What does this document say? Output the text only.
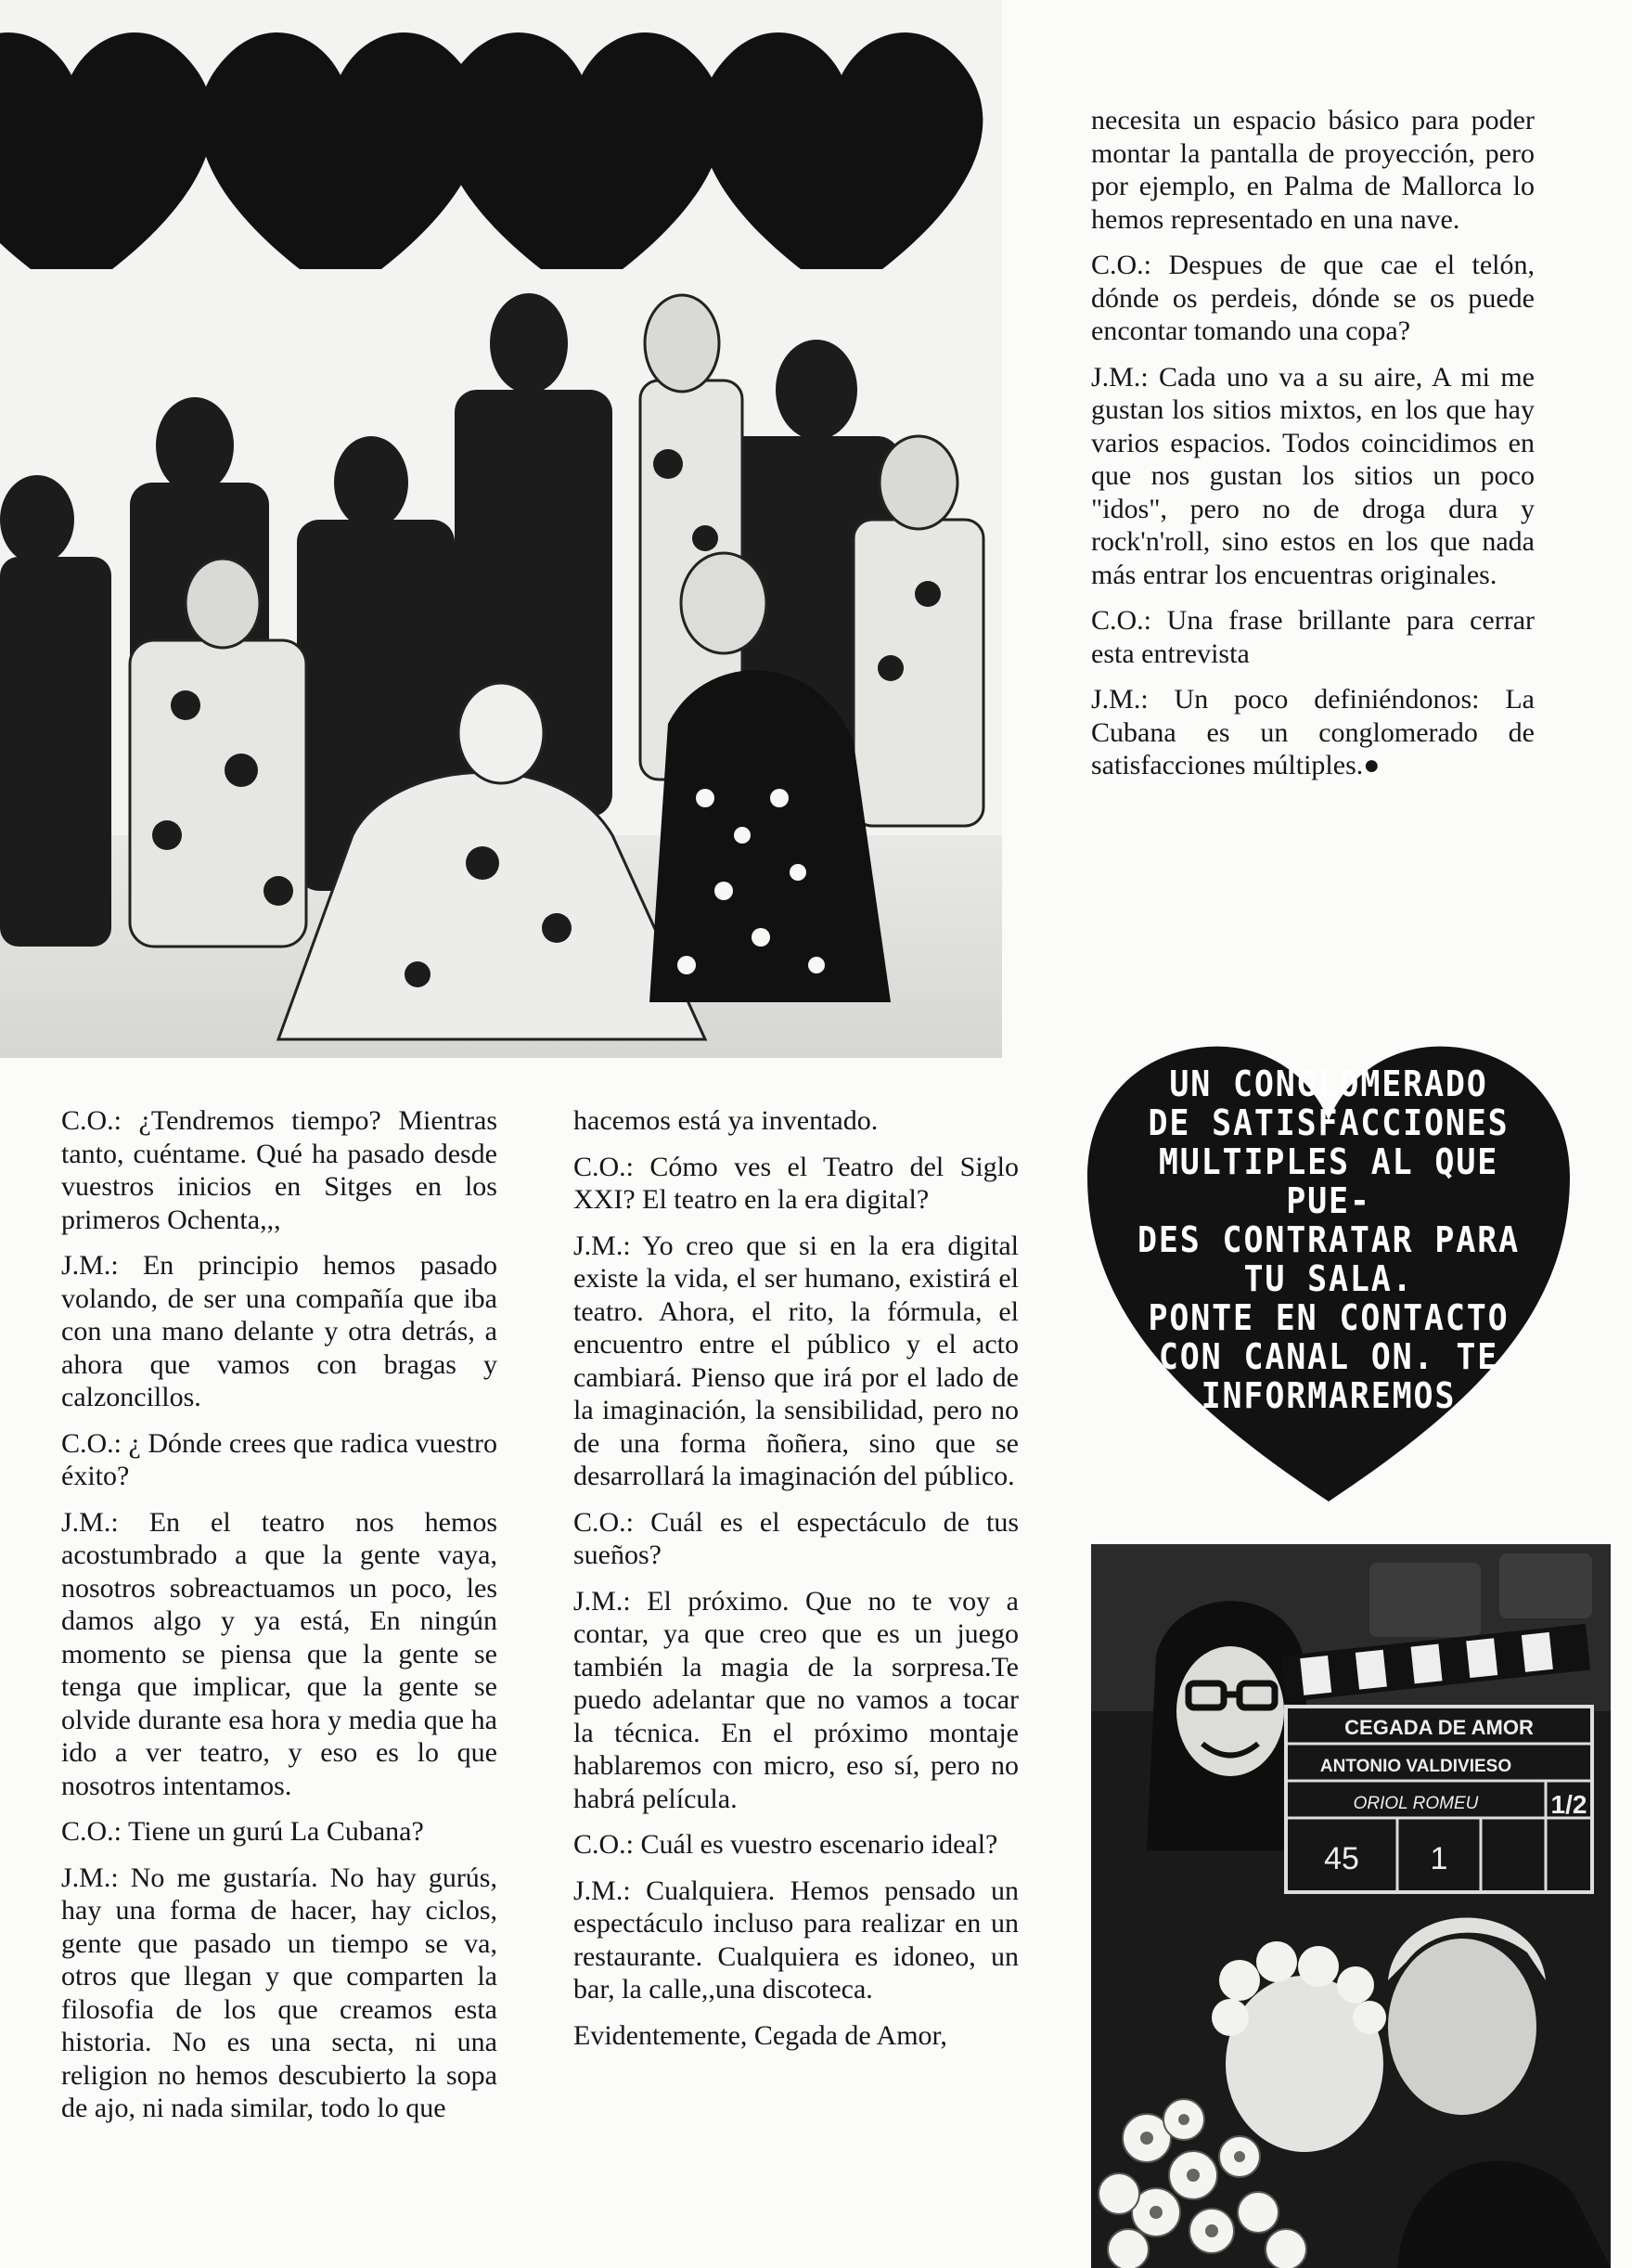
necesita un espacio básico para poder montar la pantalla de proyección, pero por ejemplo, en Palma de Mallorca lo hemos representado en una nave.

C.O.: Despues de que cae el telón, dónde os perdeis, dónde se os puede encontar tomando una copa?

J.M.: Cada uno va a su aire, A mi me gustan los sitios mixtos, en los que hay varios espacios. Todos coincidimos en que nos gustan los sitios un poco "idos", pero no de droga dura y rock'n'roll, sino estos en los que nada más entrar los encuentras originales.

C.O.: Una frase brillante para cerrar esta entrevista

J.M.: Un poco definiéndonos: La Cubana es un conglomerado de satisfacciones múltiples.●

C.O.: ¿Tendremos tiempo? Mientras tanto, cuéntame. Qué ha pasado desde vuestros inicios en Sitges en los primeros Ochenta,,,

J.M.: En principio hemos pasado volando, de ser una compañía que iba con una mano delante y otra detrás, a ahora que vamos con bragas y calzoncillos.

C.O.: ¿ Dónde crees que radica vuestro éxito?

J.M.: En el teatro nos hemos acostumbrado a que la gente vaya, nosotros sobreactuamos un poco, les damos algo y ya está, En ningún momento se piensa que la gente se tenga que implicar, que la gente se olvide durante esa hora y media que ha ido a ver teatro, y eso es lo que nosotros intentamos.

C.O.: Tiene un gurú La Cubana?

J.M.: No me gustaría. No hay gurús, hay una forma de hacer, hay ciclos, gente que pasado un tiempo se va, otros que llegan y que comparten la filosofia de los que creamos esta historia. No es una secta, ni una religion no hemos descubierto la sopa de ajo, ni nada similar, todo lo que

hacemos está ya inventado.

C.O.: Cómo ves el Teatro del Siglo XXI? El teatro en la era digital?

J.M.: Yo creo que si en la era digital existe la vida, el ser humano, existirá el teatro. Ahora, el rito, la fórmula, el encuentro entre el público y el acto cambiará. Pienso que irá por el lado de la imaginación, la sensibilidad, pero no de una forma ñoñera, sino que se desarrollará la imaginación del público.

C.O.: Cuál es el espectáculo de tus sueños?

J.M.: El próximo. Que no te voy a contar, ya que creo que es un juego también la magia de la sorpresa.Te puedo adelantar que no vamos a tocar la técnica. En el próximo montaje hablaremos con micro, eso sí, pero no habrá película.

C.O.: Cuál es vuestro escenario ideal?

J.M.: Cualquiera. Hemos pensado un espectáculo incluso para realizar en un restaurante. Cualquiera es idoneo, un bar, la calle,,una discoteca.

Evidentemente, Cegada de Amor,

UN CONGLOMERADO
DE SATISFACCIONES
MULTIPLES AL QUE PUE-
DES CONTRATAR PARA
TU SALA.
PONTE EN CONTACTO
CON CANAL ON. TE
INFORMAREMOS
CEGADA DE AMOR
ANTONIO VALDIVIESO
ORIOL ROMEU	1/2
45 1
